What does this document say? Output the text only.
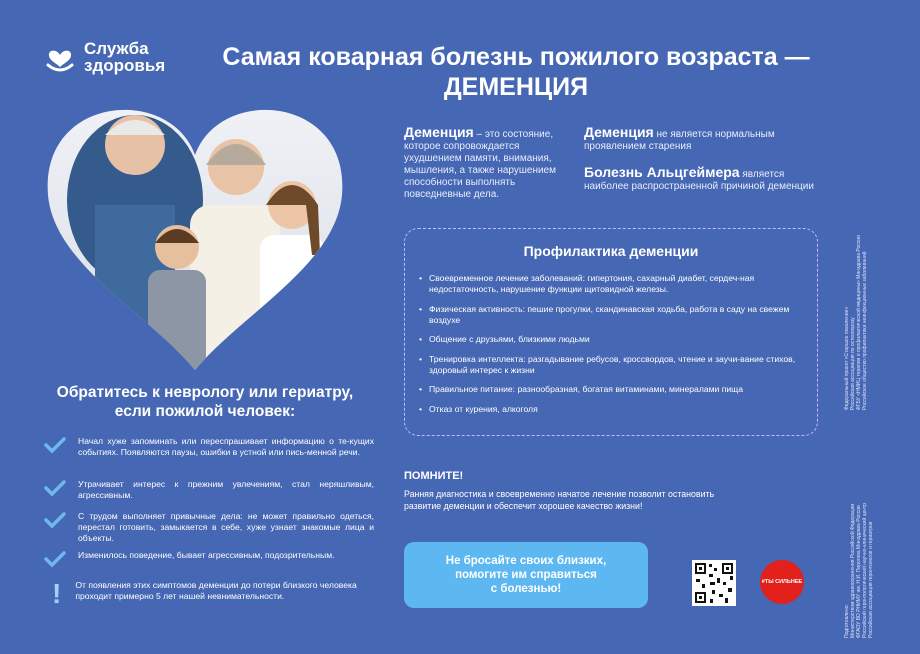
Служба
здоровья	Самая коварная болезнь пожилого возраста —
ДЕМЕНЦИЯ
Деменция – это состояние, которое сопровождается ухудшением памяти, внимания, мышления, а также нарушением способности выполнять повседневные дела.
Деменция не является нормальным проявлением старения
Болезнь Альцгеймера является наиболее распространенной причиной деменции
Профилактика деменции
• Своевременное лечение заболеваний: гипертония, сахарный диабет, сердеч-ная недостаточность, нарушение функции щитовидной железы.
• Физическая активность: пешие прогулки, скандинавская ходьба, работа в саду на свежем воздухе
• Общение с друзьями, близкими людьми
• Тренировка интеллекта: разгадывание ребусов, кроссвордов, чтение и заучи-вание стихов, здоровый интерес к жизни
• Правильное питание: разнообразная, богатая витаминами, минералами пища
• Отказ от курения, алкоголя
Обратитесь к неврологу или гериатру,
если пожилой человек:
Начал хуже запоминать или переспрашивает информацию о те-кущих событиях. Появляются паузы, ошибки в устной или пись-менной речи.
Утрачивает интерес к прежним увлечениям, стал неряшливым, агрессивным.
С трудом выполняет привычные дела: не может правильно одеться, перестал готовить, замыкается в себе, хуже узнает знакомые лица и объекты.
Изменилось поведение, бывает агрессивным, подозрительным.
! От появления этих симптомов деменции до потери близкого человека проходит примерно 5 лет нашей невнимательности.
ПОМНИТЕ!
Ранняя диагностика и своевременно начатое лечение позволит остановить развитие деменции и обеспечит хорошее качество жизни!
Не бросайте своих близких,
помогите им справиться
с болезнью!
#ТЫ СИЛЬНЕЕ
Федеральный проект «Старшее поколение»
Российская ассоциация по остеопорозу
ФГБУ «НМИЦ терапии и профилактической медицины» Минздрава России
Российское общество профилактики неинфекционных заболеваний
Подготовлено:
Министерством здравоохранения Российской Федерации
ФГАОУ ВО РНИМУ им. Н.И. Пирогова Минздрава России
Российский геронтологический научно-клинический центр
Российская ассоциация геронтологов и гериатров
